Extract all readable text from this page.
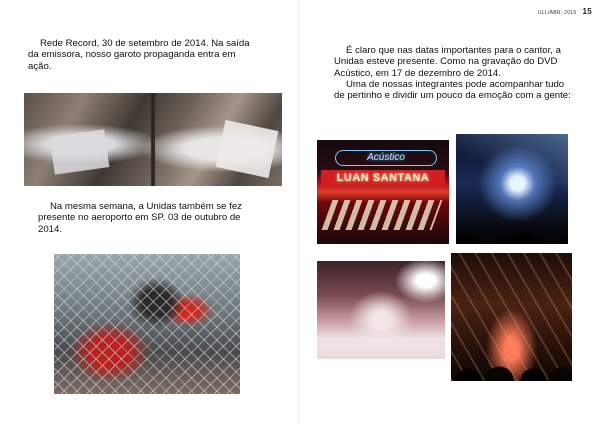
Rede Record, 30 de setembro de 2014. Na saída da emissora, nosso garoto propaganda entra em ação.

Na mesma semana, a Unidas também se fez presente no aeroporto em SP. 03 de outubro de 2014.

ULL/ABR, 2015 15

É claro que nas datas importantes para o cantor, a Unidas esteve presente. Como na gravação do DVD Acústico, em 17 de dezembro de 2014.

Uma de nossas integrantes pode acompanhar tudo de pertinho e dividir um pouco da emoção com a gente:

Acústico
LUAN SANTANA
